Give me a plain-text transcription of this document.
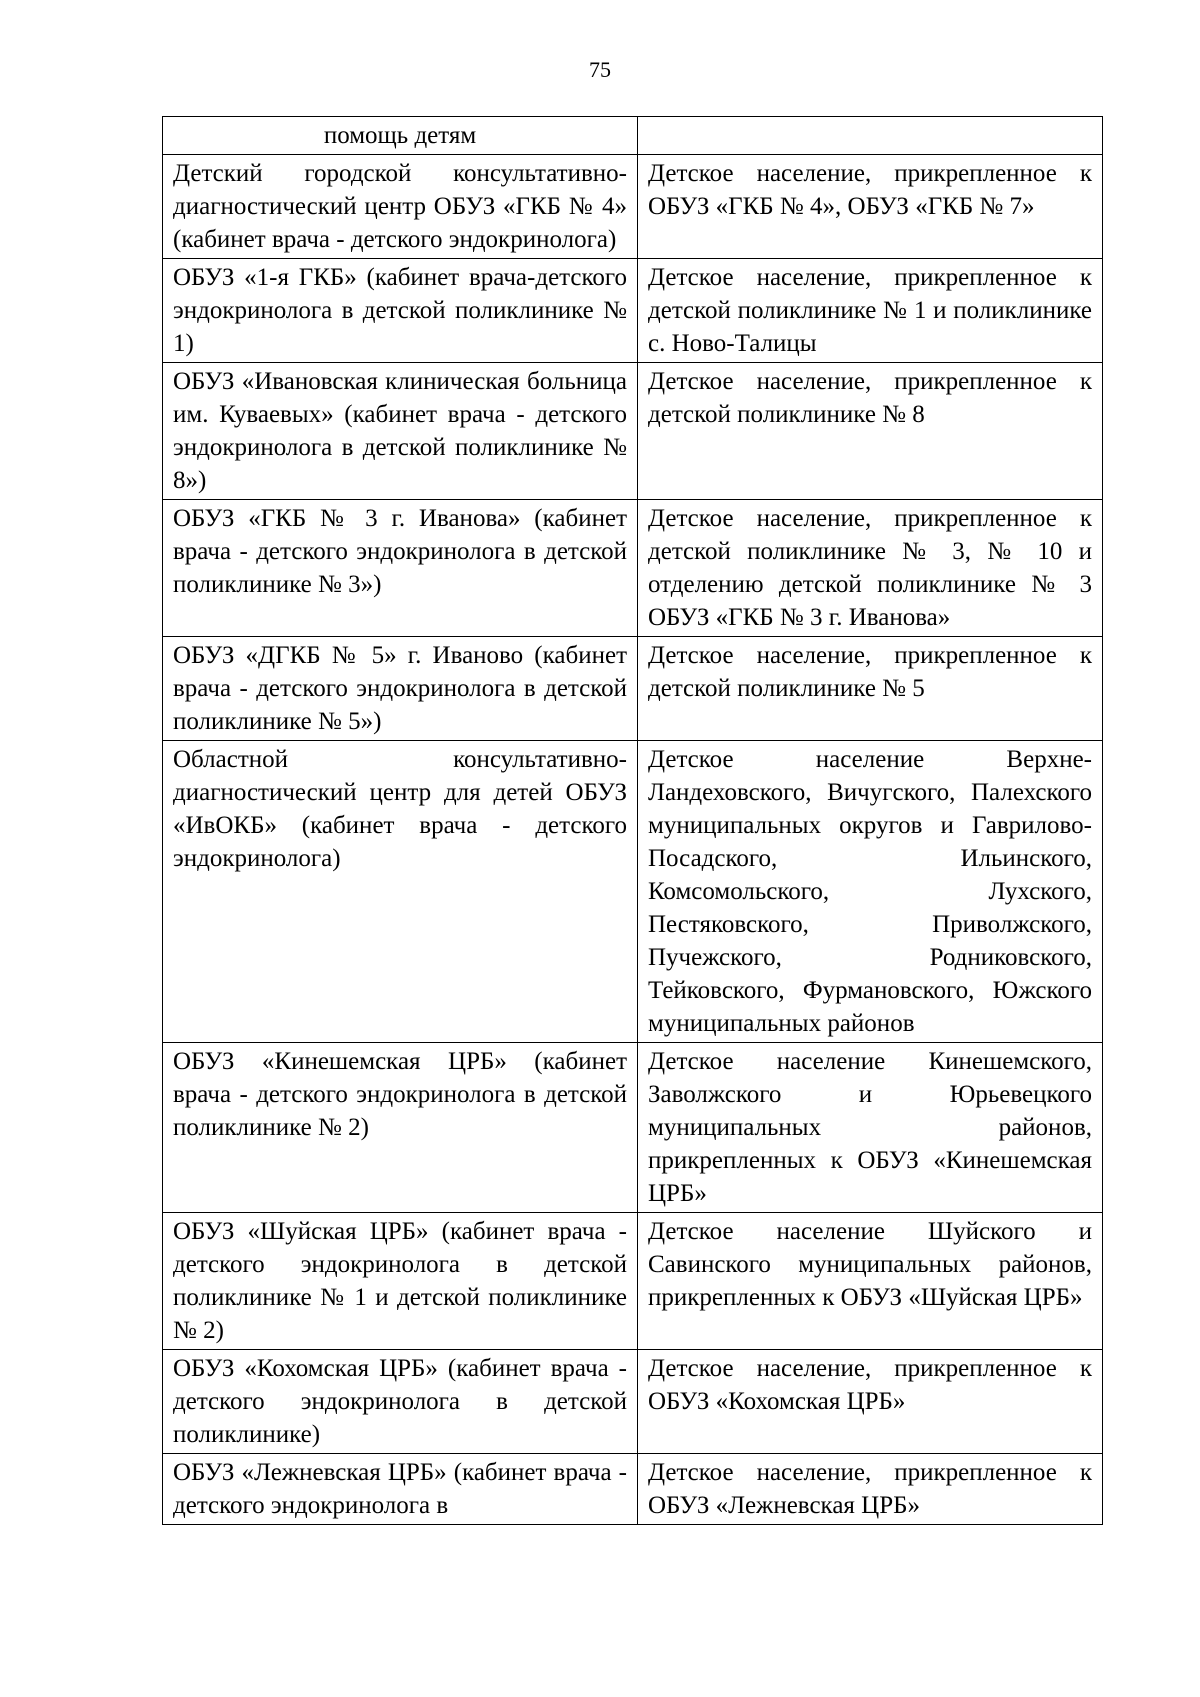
75
помощь детям	
Детский городской консультативно-диагностический центр ОБУЗ «ГКБ № 4» (кабинет врача - детского эндокринолога)	Детское население, прикрепленное к ОБУЗ «ГКБ № 4», ОБУЗ «ГКБ № 7»
ОБУЗ «1-я ГКБ» (кабинет врача-детского эндокринолога в детской поликлинике № 1)	Детское население, прикрепленное к детской поликлинике № 1 и поликлинике с. Ново-Талицы
ОБУЗ «Ивановская клиническая больница им. Куваевых» (кабинет врача - детского эндокринолога в детской поликлинике № 8»)	Детское население, прикрепленное к детской поликлинике № 8
ОБУЗ «ГКБ № 3 г. Иванова» (кабинет врача - детского эндокринолога в детской поликлинике № 3»)	Детское население, прикрепленное к детской поликлинике № 3, № 10 и отделению детской поликлинике № 3 ОБУЗ «ГКБ № 3 г. Иванова»
ОБУЗ «ДГКБ № 5» г. Иваново (кабинет врача - детского эндокринолога в детской поликлинике № 5»)	Детское население, прикрепленное к детской поликлинике № 5
Областной консультативно-диагностический центр для детей ОБУЗ «ИвОКБ» (кабинет врача - детского эндокринолога)	Детское население Верхне-Ландеховского, Вичугского, Палехского муниципальных округов и Гаврилово-Посадского, Ильинского, Комсомольского, Лухского, Пестяковского, Приволжского, Пучежского, Родниковского, Тейковского, Фурмановского, Южского муниципальных районов
ОБУЗ «Кинешемская ЦРБ» (кабинет врача - детского эндокринолога в детской поликлинике № 2)	Детское население Кинешемского, Заволжского и Юрьевецкого муниципальных районов, прикрепленных к ОБУЗ «Кинешемская ЦРБ»
ОБУЗ «Шуйская ЦРБ» (кабинет врача - детского эндокринолога в детской поликлинике № 1 и детской поликлинике № 2)	Детское население Шуйского и Савинского муниципальных районов, прикрепленных к ОБУЗ «Шуйская ЦРБ»
ОБУЗ «Кохомская ЦРБ» (кабинет врача - детского эндокринолога в детской поликлинике)	Детское население, прикрепленное к ОБУЗ «Кохомская ЦРБ»
ОБУЗ «Лежневская ЦРБ» (кабинет врача - детского эндокринолога в	Детское население, прикрепленное к ОБУЗ «Лежневская ЦРБ»
